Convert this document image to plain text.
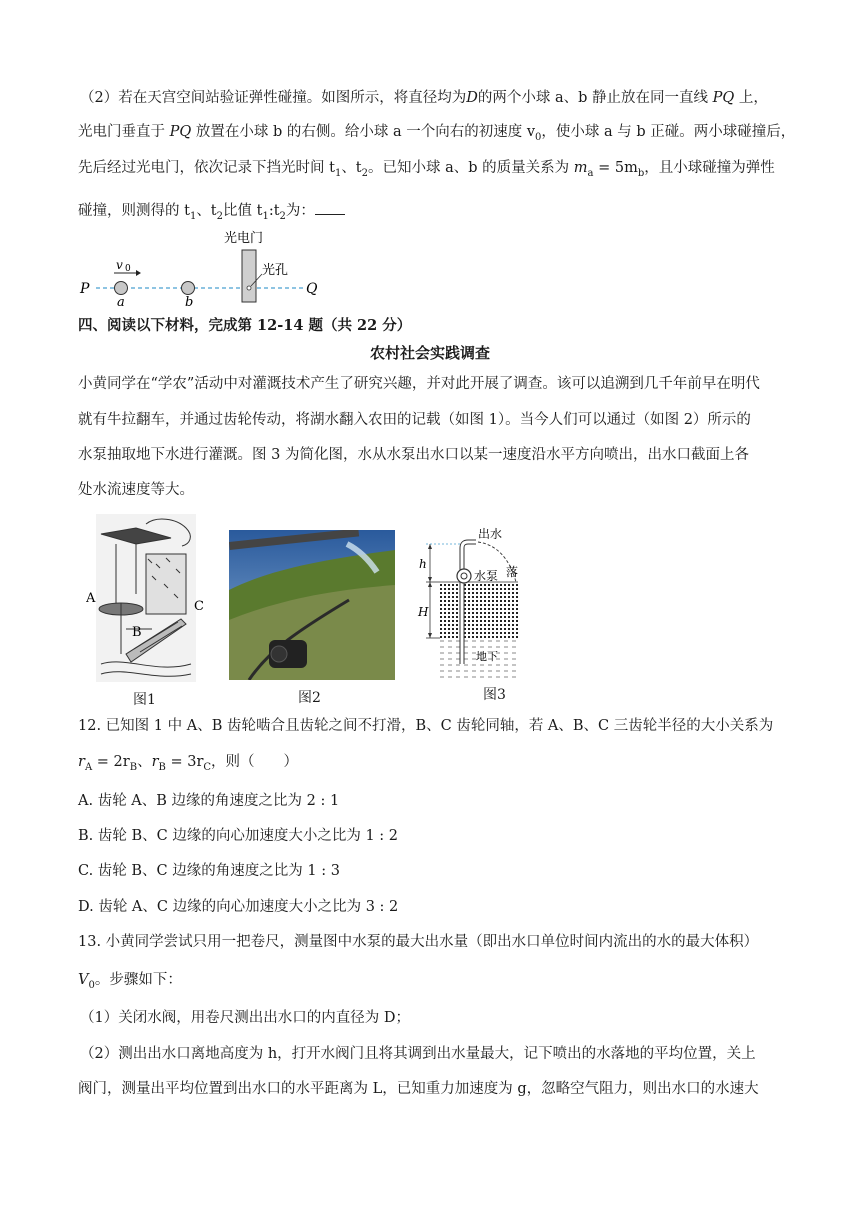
（2）若在天宫空间站验证弹性碰撞。如图所示，将直径均为D的两个小球 a、b 静止放在同一直线 PQ 上，
光电门垂直于 PQ 放置在小球 b 的右侧。给小球 a 一个向右的初速度 $v_0$，使小球 a 与 b 正碰。两小球碰撞后，
先后经过光电门，依次记录下挡光时间 $t_1$、$t_2$。已知小球 a、b 的质量关系为 $m_a = 5m_b$，且小球碰撞为弹性
碰撞，则测得的 $t_1$、$t_2$比值 $t_1:t_2$为：
P	Q
a	b
v 0
光电门
光孔
四、阅读以下材料，完成第 12-14 题（共 22 分）
农村社会实践调查
小黄同学在“学农”活动中对灌溉技术产生了研究兴趣，并对此开展了调查。该可以追溯到几千年前早在明代
就有牛拉翻车，并通过齿轮传动，将湖水翻入农田的记载（如图 1）。当今人们可以通过（如图 2）所示的
水泵抽取地下水进行灌溉。图 3 为简化图，水从水泵出水口以某一速度沿水平方向喷出，出水口截面上各
处水流速度等大。
A
B
C
图1	图2
h
H
出水
水泵 落
地下
图3
12. 已知图 1 中 A、B 齿轮啮合且齿轮之间不打滑，B、C 齿轮同轴，若 A、B、C 三齿轮半径的大小关系为
$r_A = 2r_B$、$r_B = 3r_C$，则（　　）
A. 齿轮 A、B 边缘的角速度之比为 2 : 1
B. 齿轮 B、C 边缘的向心加速度大小之比为 1 : 2
C. 齿轮 B、C 边缘的角速度之比为 1 : 3
D. 齿轮 A、C 边缘的向心加速度大小之比为 3 : 2
13. 小黄同学尝试只用一把卷尺，测量图中水泵的最大出水量（即出水口单位时间内流出的水的最大体积）
$V_0$。步骤如下：
（1）关闭水阀，用卷尺测出出水口的内直径为 D；
（2）测出出水口离地高度为 h，打开水阀门且将其调到出水量最大，记下喷出的水落地的平均位置，关上
阀门，测量出平均位置到出水口的水平距离为 L，已知重力加速度为 g，忽略空气阻力，则出水口的水速大
